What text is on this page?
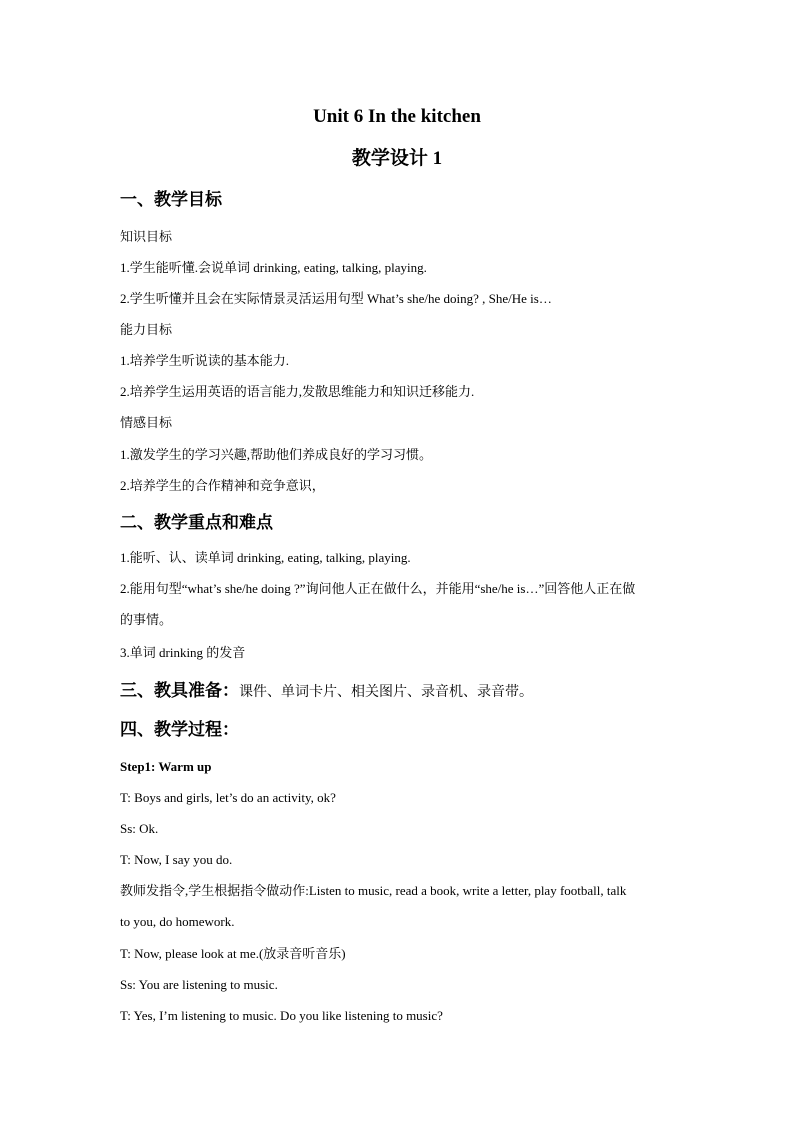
Unit 6 In the kitchen
教学设计 1
一、教学目标
知识目标
1.学生能听懂.会说单词 drinking, eating, talking, playing.
2.学生听懂并且会在实际情景灵活运用句型 What’s she/he doing? , She/He is…
能力目标
1.培养学生听说读的基本能力.
2.培养学生运用英语的语言能力,发散思维能力和知识迁移能力.
情感目标
1.激发学生的学习兴趣,帮助他们养成良好的学习习惯。
2.培养学生的合作精神和竞争意识，
二、教学重点和难点
1.能听、认、读单词 drinking, eating, talking, playing.
2.能用句型“what’s she/he doing ?”询问他人正在做什么，并能用“she/he is…”回答他人正在做
的事情。
3.单词 drinking 的发音
三、教具准备：课件、单词卡片、相关图片、录音机、录音带。
四、教学过程：
Step1: Warm up
T: Boys and girls, let’s do an activity, ok?
Ss: Ok.
T: Now, I say you do.
教师发指令,学生根据指令做动作:Listen to music, read a book, write a letter, play football, talk
to you, do homework.
T: Now, please look at me.(放录音听音乐)
Ss: You are listening to music.
T: Yes, I’m listening to music. Do you like listening to music?
